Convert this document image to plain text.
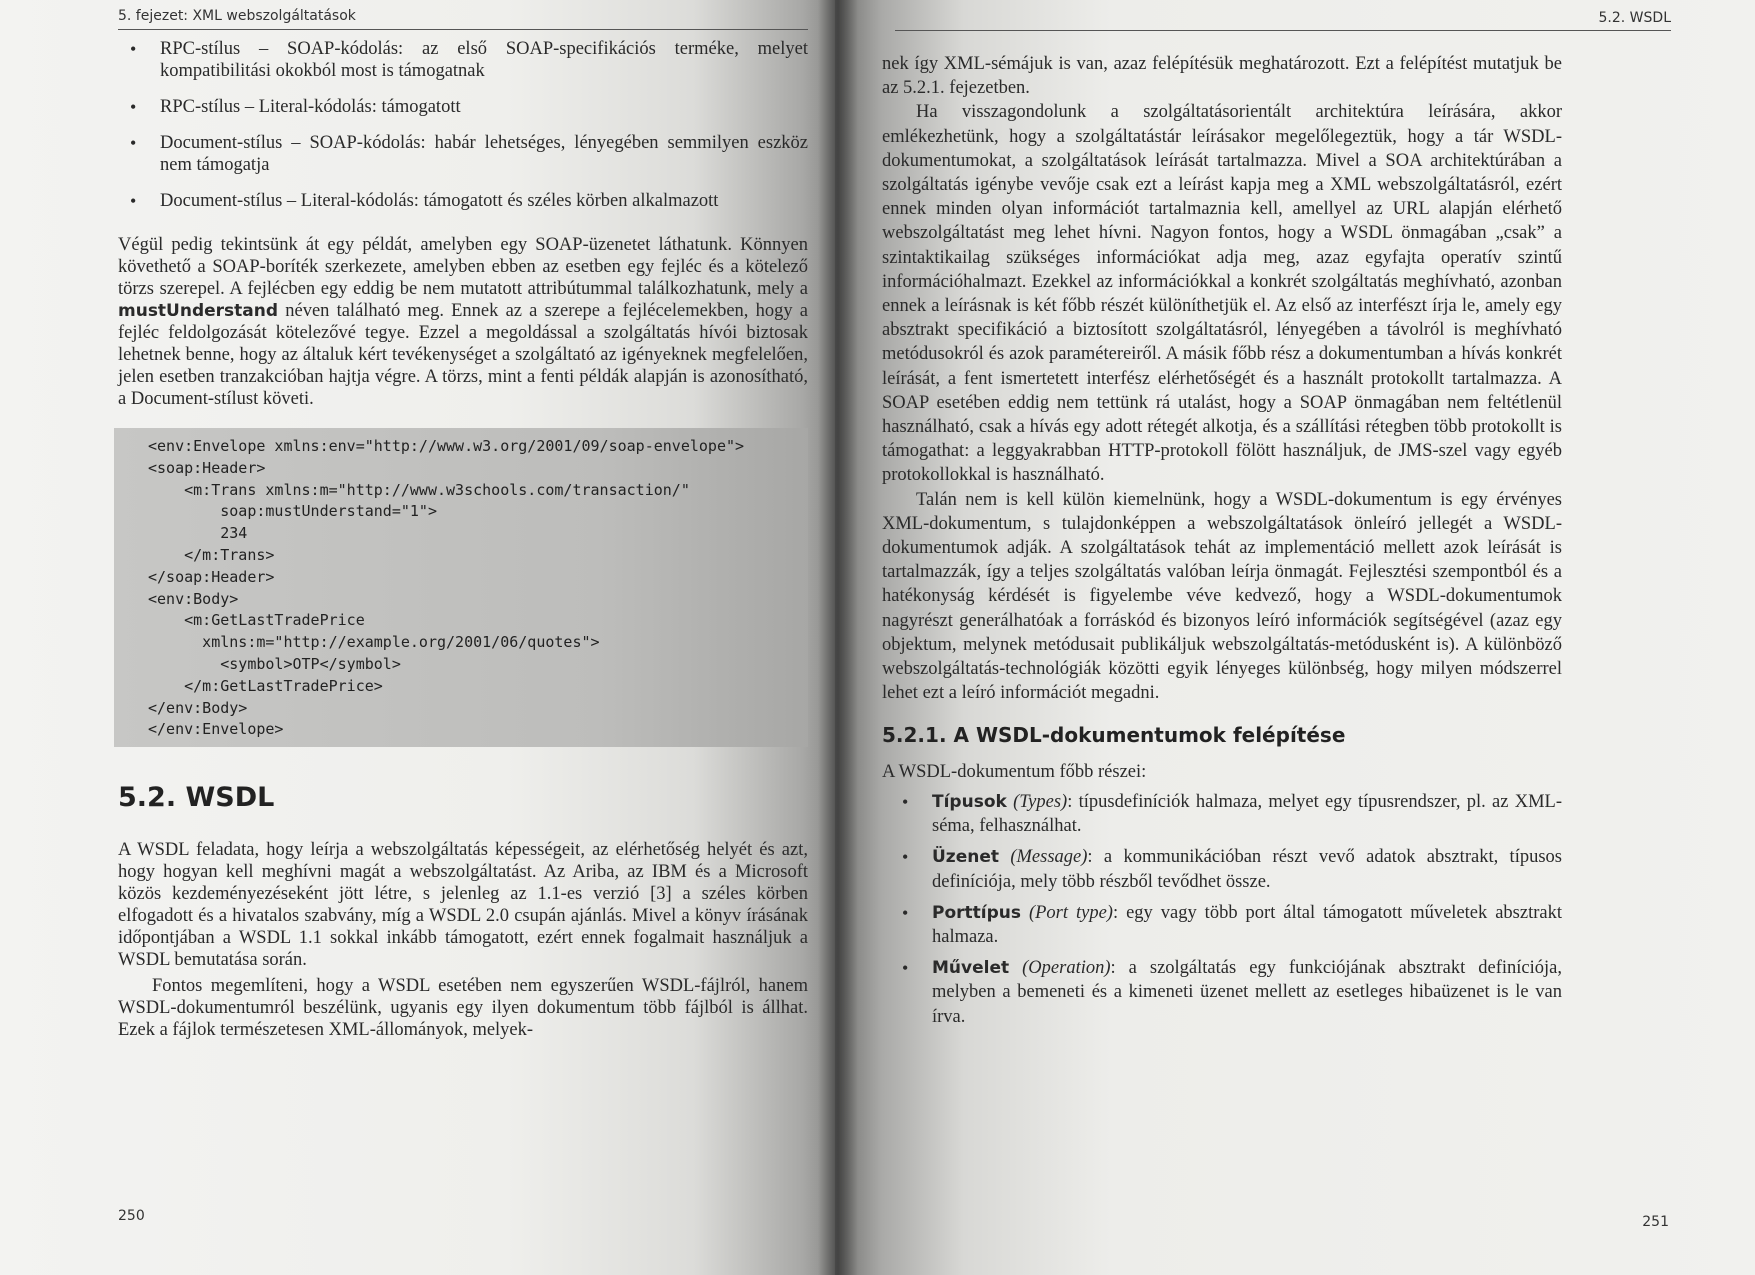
5. fejezet: XML webszolgáltatások
• RPC-stílus – SOAP-kódolás: az első SOAP-specifikációs terméke, melyet kompatibilitási okokból most is támogatnak
• RPC-stílus – Literal-kódolás: támogatott
• Document-stílus – SOAP-kódolás: habár lehetséges, lényegében semmilyen eszköz nem támogatja
• Document-stílus – Literal-kódolás: támogatott és széles körben alkalmazott

Végül pedig tekintsünk át egy példát, amelyben egy SOAP-üzenetet láthatunk. Könnyen követhető a SOAP-boríték szerkezete, amelyben ebben az esetben egy fejléc és a kötelező törzs szerepel. A fejlécben egy eddig be nem mutatott attribútummal találkozhatunk, mely a mustUnderstand néven található meg. Ennek az a szerepe a fejlécelemekben, hogy a fejléc feldolgozását kötelezővé tegye. Ezzel a megoldással a szolgáltatás hívói biztosak lehetnek benne, hogy az általuk kért tevékenységet a szolgáltató az igényeknek megfelelően, jelen esetben tranzakcióban hajtja végre. A törzs, mint a fenti példák alapján is azonosítható, a Document-stílust követi.

<env:Envelope xmlns:env="http://www.w3.org/2001/09/soap-envelope">
<soap:Header>
<m:Trans xmlns:m="http://www.w3schools.com/transaction/"
soap:mustUnderstand="1">
234
</m:Trans>
</soap:Header>
<env:Body>
<m:GetLastTradePrice
xmlns:m="http://example.org/2001/06/quotes">
<symbol>OTP</symbol>
</m:GetLastTradePrice>
</env:Body>
</env:Envelope>
5.2. WSDL

A WSDL feladata, hogy leírja a webszolgáltatás képességeit, az elérhetőség helyét és azt, hogy hogyan kell meghívni magát a webszolgáltatást. Az Ariba, az IBM és a Microsoft közös kezdeményezéseként jött létre, s jelenleg az 1.1-es verzió [3] a széles körben elfogadott és a hivatalos szabvány, míg a WSDL 2.0 csupán ajánlás. Mivel a könyv írásának időpontjában a WSDL 1.1 sokkal inkább támogatott, ezért ennek fogalmait használjuk a WSDL bemutatása során.

Fontos megemlíteni, hogy a WSDL esetében nem egyszerűen WSDL-fájlról, hanem WSDL-dokumentumról beszélünk, ugyanis egy ilyen dokumentum több fájlból is állhat. Ezek a fájlok természetesen XML-állományok, melyek-

250
5.2. WSDL
251

nek így XML-sémájuk is van, azaz felépítésük meghatározott. Ezt a felépítést mutatjuk be az 5.2.1. fejezetben.

Ha visszagondolunk a szolgáltatásorientált architektúra leírására, akkor emlékezhetünk, hogy a szolgáltatástár leírásakor megelőlegeztük, hogy a tár WSDL-dokumentumokat, a szolgáltatások leírását tartalmazza. Mivel a SOA architektúrában a szolgáltatás igénybe vevője csak ezt a leírást kapja meg a XML webszolgáltatásról, ezért ennek minden olyan információt tartalmaznia kell, amellyel az URL alapján elérhető webszolgáltatást meg lehet hívni. Nagyon fontos, hogy a WSDL önmagában „csak” a szintaktikailag szükséges információkat adja meg, azaz egyfajta operatív szintű információhalmazt. Ezekkel az információkkal a konkrét szolgáltatás meghívható, azonban ennek a leírásnak is két főbb részét különíthetjük el. Az első az interfészt írja le, amely egy absztrakt specifikáció a biztosított szolgáltatásról, lényegében a távolról is meghívható metódusokról és azok paramétereiről. A másik főbb rész a dokumentumban a hívás konkrét leírását, a fent ismertetett interfész elérhetőségét és a használt protokollt tartalmazza. A SOAP esetében eddig nem tettünk rá utalást, hogy a SOAP önmagában nem feltétlenül használható, csak a hívás egy adott rétegét alkotja, és a szállítási rétegben több protokollt is támogathat: a leggyakrabban HTTP-protokoll fölött használjuk, de JMS-szel vagy egyéb protokollokkal is használható.

Talán nem is kell külön kiemelnünk, hogy a WSDL-dokumentum is egy érvényes XML-dokumentum, s tulajdonképpen a webszolgáltatások önleíró jellegét a WSDL-dokumentumok adják. A szolgáltatások tehát az implementáció mellett azok leírását is tartalmazzák, így a teljes szolgáltatás valóban leírja önmagát. Fejlesztési szempontból és a hatékonyság kérdését is figyelembe véve kedvező, hogy a WSDL-dokumentumok nagyrészt generálhatóak a forráskód és bizonyos leíró információk segítségével (azaz egy objektum, melynek metódusait publikáljuk webszolgáltatás-metódusként is). A különböző webszolgáltatás-technológiák közötti egyik lényeges különbség, hogy milyen módszerrel lehet ezt a leíró információt megadni.

5.2.1. A WSDL-dokumentumok felépítése

A WSDL-dokumentum főbb részei:

• Típusok (Types): típusdefiníciók halmaza, melyet egy típusrendszer, pl. az XML-séma, felhasználhat.
• Üzenet (Message): a kommunikációban részt vevő adatok absztrakt, típusos definíciója, mely több részből tevődhet össze.
• Porttípus (Port type): egy vagy több port által támogatott műveletek absztrakt halmaza.
• Művelet (Operation): a szolgáltatás egy funkciójának absztrakt definíciója, melyben a bemeneti és a kimeneti üzenet mellett az esetleges hibaüzenet is le van írva.
